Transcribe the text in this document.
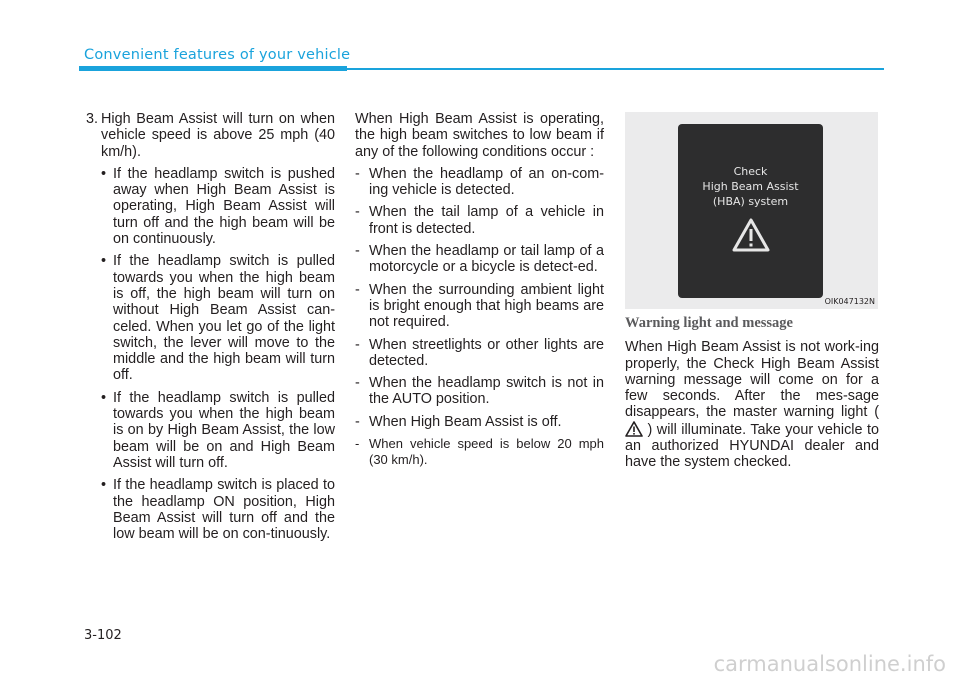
Convenient features of your vehicle
3. High Beam Assist will turn on when vehicle speed is above 25 mph (40 km/h).
• If the headlamp switch is pushed away when High Beam Assist is operating, High Beam Assist will turn off and the high beam will be on continuously.
• If the headlamp switch is pulled towards you when the high beam is off, the high beam will turn on without High Beam Assist can-celed. When you let go of the light switch, the lever will move to the middle and the high beam will turn off.
• If the headlamp switch is pulled towards you when the high beam is on by High Beam Assist, the low beam will be on and High Beam Assist will turn off.
• If the headlamp switch is placed to the headlamp ON position, High Beam Assist will turn off and the low beam will be on con-tinuously.

When High Beam Assist is operating, the high beam switches to low beam if any of the following conditions occur :

- When the headlamp of an on-com-ing vehicle is detected.
- When the tail lamp of a vehicle in front is detected.
- When the headlamp or tail lamp of a motorcycle or a bicycle is detect-ed.
- When the surrounding ambient light is bright enough that high beams are not required.
- When streetlights or other lights are detected.
- When the headlamp switch is not in the AUTO position.
- When High Beam Assist is off.
- When vehicle speed is below 20 mph (30 km/h).
Check
High Beam Assist
(HBA) system
OIK047132N
Warning light and message

When High Beam Assist is not work-ing properly, the Check High Beam Assist warning message will come on for a few seconds. After the mes-sage disappears, the master warning light (  ) will illuminate. Take your vehicle to an authorized HYUNDAI dealer and have the system checked.

3-102
carmanualsonline.info
